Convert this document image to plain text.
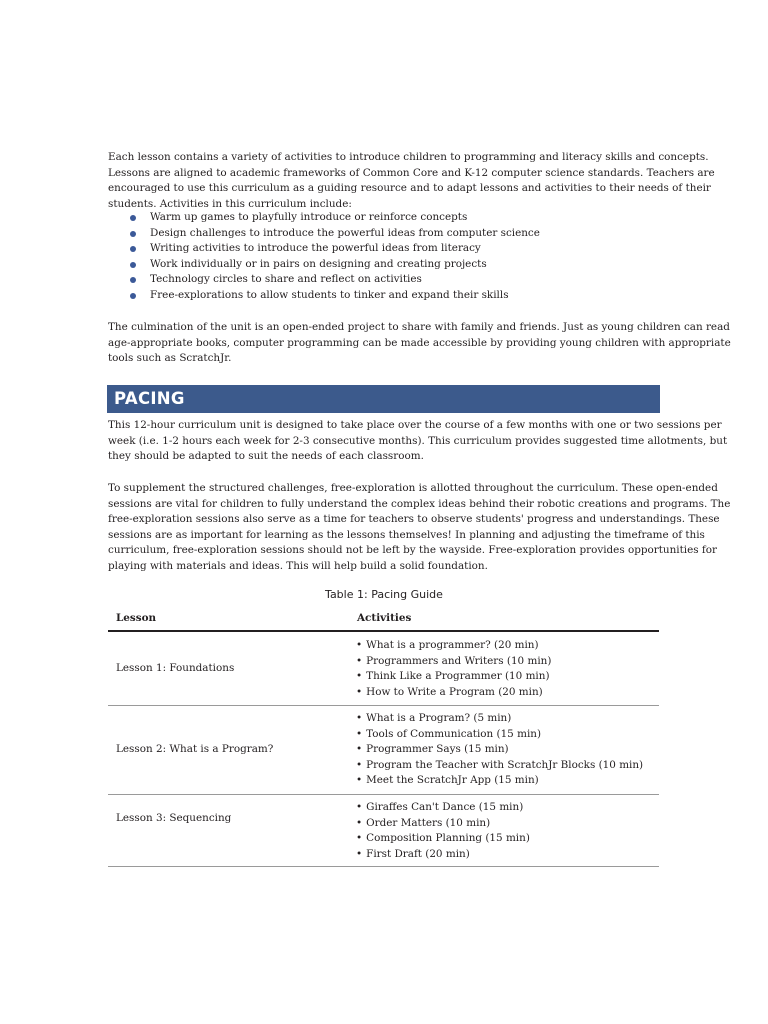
Each lesson contains a variety of activities to introduce children to programming and literacy skills and concepts.
Lessons are aligned to academic frameworks of Common Core and K-12 computer science standards. Teachers are
encouraged to use this curriculum as a guiding resource and to adapt lessons and activities to their needs of their
students. Activities in this curriculum include:
Warm up games to playfully introduce or reinforce concepts
Design challenges to introduce the powerful ideas from computer science
Writing activities to introduce the powerful ideas from literacy
Work individually or in pairs on designing and creating projects
Technology circles to share and reflect on activities
Free-explorations to allow students to tinker and expand their skills
The culmination of the unit is an open-ended project to share with family and friends. Just as young children can read
age-appropriate books, computer programming can be made accessible by providing young children with appropriate
tools such as ScratchJr.
PACING
This 12-hour curriculum unit is designed to take place over the course of a few months with one or two sessions per
week (i.e. 1-2 hours each week for 2-3 consecutive months). This curriculum provides suggested time allotments, but
they should be adapted to suit the needs of each classroom.
To supplement the structured challenges, free-exploration is allotted throughout the curriculum. These open-ended
sessions are vital for children to fully understand the complex ideas behind their robotic creations and programs. The
free-exploration sessions also serve as a time for teachers to observe students' progress and understandings. These
sessions are as important for learning as the lessons themselves! In planning and adjusting the timeframe of this
curriculum, free-exploration sessions should not be left by the wayside. Free-exploration provides opportunities for
playing with materials and ideas. This will help build a solid foundation.
Table 1: Pacing Guide
Lesson	Activities
Lesson 1: Foundations
• What is a programmer? (20 min)
• Programmers and Writers (10 min)
• Think Like a Programmer (10 min)
• How to Write a Program (20 min)
Lesson 2: What is a Program?
• What is a Program? (5 min)
• Tools of Communication (15 min)
• Programmer Says (15 min)
• Program the Teacher with ScratchJr Blocks (10 min)
• Meet the ScratchJr App (15 min)
Lesson 3: Sequencing
• Giraffes Can't Dance (15 min)
• Order Matters (10 min)
• Composition Planning (15 min)
• First Draft (20 min)
